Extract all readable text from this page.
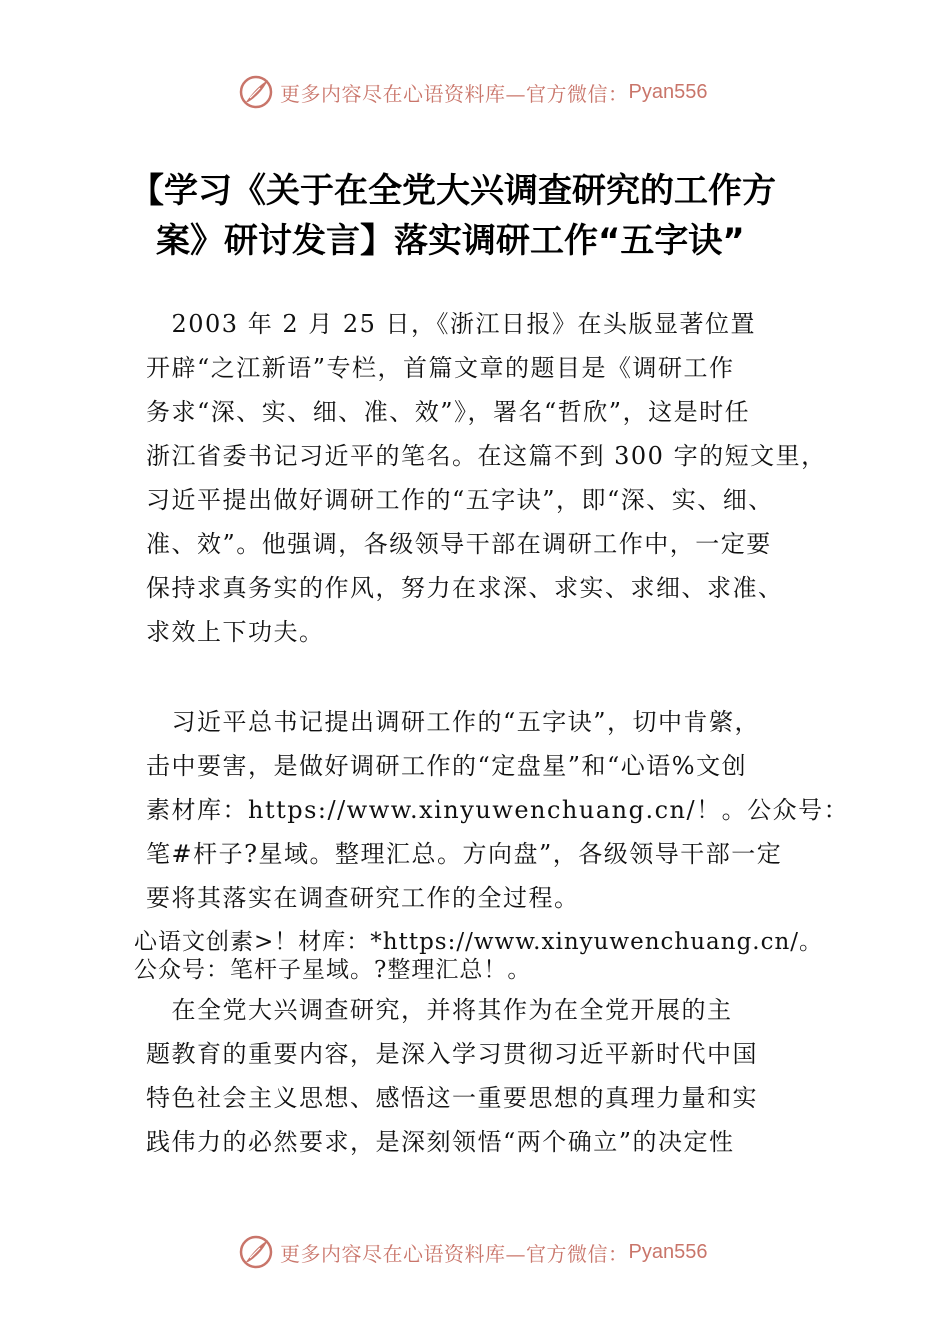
更多内容尽在心语资料库—官方微信： Pyan556
【学习《关于在全党大兴调查研究的工作方
案》研讨发言】落实调研工作“五字诀”
　2003 年 2 月 25 日，《浙江日报》在头版显著位置
开辟“之江新语”专栏，首篇文章的题目是《调研工作
务求“深、实、细、准、效”》，署名“哲欣”，这是时任
浙江省委书记习近平的笔名。在这篇不到 300 字的短文里，
习近平提出做好调研工作的“五字诀”，即“深、实、细、
准、效”。他强调，各级领导干部在调研工作中，一定要
保持求真务实的作风，努力在求深、求实、求细、求准、
求效上下功夫。
　习近平总书记提出调研工作的“五字诀”，切中肯綮，
击中要害，是做好调研工作的“定盘星”和“心语%文创
素材库：https://www.xinyuwenchuang.cn/！。公众号：
笔#杆子?星域。整理汇总。方向盘”，各级领导干部一定
要将其落实在调查研究工作的全过程。
心语文创素>！材库：*https://www.xinyuwenchuang.cn/。
公众号：笔杆子星域。?整理汇总！。
　在全党大兴调查研究，并将其作为在全党开展的主
题教育的重要内容，是深入学习贯彻习近平新时代中国
特色社会主义思想、感悟这一重要思想的真理力量和实
践伟力的必然要求，是深刻领悟“两个确立”的决定性
更多内容尽在心语资料库—官方微信： Pyan556
